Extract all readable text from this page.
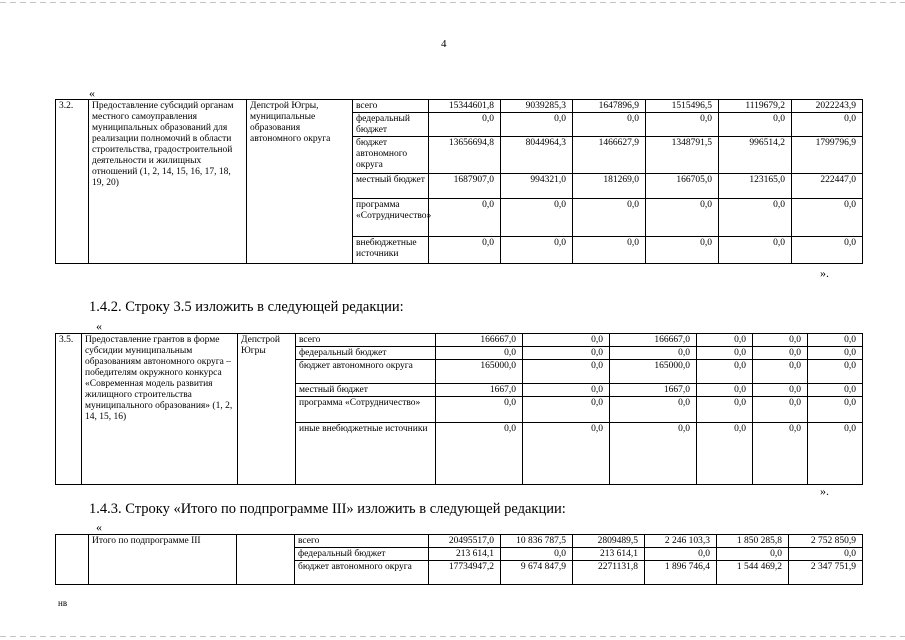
4
«
3.2.	Предоставление субсидий органам местного самоуправления муниципальных образований для реализации полномочий в области строительства, градостроительной деятельности и жилищных отношений (1, 2, 14, 15, 16, 17, 18, 19, 20)	Депстрой Югры, муниципальные образования автономного округа	всего	15344601,8	9039285,3	1647896,9	1515496,5	1119679,2	2022243,9
			федеральный бюджет	0,0	0,0	0,0	0,0	0,0	0,0
			бюджет автономного округа	13656694,8	8044964,3	1466627,9	1348791,5	996514,2	1799796,9
			местный бюджет	1687907,0	994321,0	181269,0	166705,0	123165,0	222447,0
			программа «Сотрудничество»	0,0	0,0	0,0	0,0	0,0	0,0
			внебюджетные источники	0,0	0,0	0,0	0,0	0,0	0,0
».
1.4.2. Строку 3.5 изложить в следующей редакции:
«
3.5.	Предоставление грантов в форме субсидии муниципальным образованиям автономного округа – победителям окружного конкурса «Современная модель развития жилищного строительства муниципального образования» (1, 2, 14, 15, 16)	Депстрой Югры	всего	166667,0	0,0	166667,0	0,0	0,0	0,0
			федеральный бюджет	0,0	0,0	0,0	0,0	0,0	0,0
			бюджет автономного округа	165000,0	0,0	165000,0	0,0	0,0	0,0
			местный бюджет	1667,0	0,0	1667,0	0,0	0,0	0,0
			программа «Сотрудничество»	0,0	0,0	0,0	0,0	0,0	0,0
			иные внебюджетные источники	0,0	0,0	0,0	0,0	0,0	0,0
».
1.4.3. Строку «Итого по подпрограмме III» изложить в следующей редакции:
«
	Итого по подпрограмме III		всего	20495517,0	10 836 787,5	2809489,5	2 246 103,3	1 850 285,8	2 752 850,9
			федеральный бюджет	213 614,1	0,0	213 614,1	0,0	0,0	0,0
			бюджет автономного округа	17734947,2	9 674 847,9	2271131,8	1 896 746,4	1 544 469,2	2 347 751,9
нв
